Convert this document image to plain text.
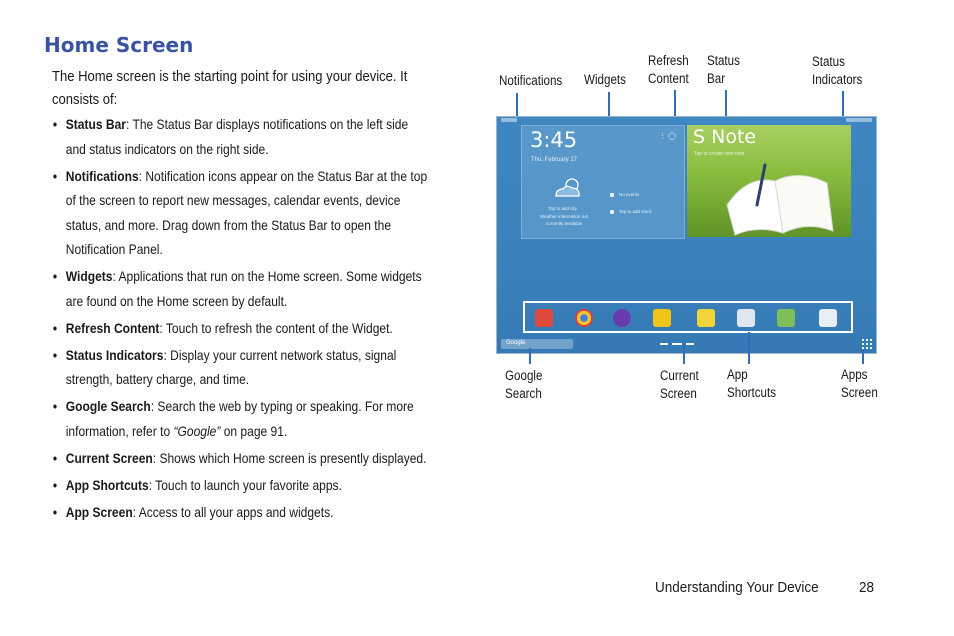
Home Screen
The Home screen is the starting point for using your device. It consists of:
• Status Bar: The Status Bar displays notifications on the left side and status indicators on the right side.
• Notifications: Notification icons appear on the Status Bar at the top of the screen to report new messages, calendar events, device status, and more. Drag down from the Status Bar to open the Notification Panel.
• Widgets: Applications that run on the Home screen. Some widgets are found on the Home screen by default.
• Refresh Content: Touch to refresh the content of the Widget.
• Status Indicators: Display your current network status, signal strength, battery charge, and time.
• Google Search: Search the web by typing or speaking. For more information, refer to “Google” on page 91.
• Current Screen: Shows which Home screen is presently displayed.
• App Shortcuts: Touch to launch your favorite apps.
• App Screen: Access to all your apps and widgets.
Notifications Widgets
Refresh
Content
Status
Bar
Status
Indicators
3:45
Thu, February 27
⋮ ◯
Tap to add city
Weather information not
currently available
No events
Tap to add stock
S Note
Tap to create new note
Google
Google
Search
Current
Screen
App
Shortcuts
Apps
Screen
Understanding Your Device	28
